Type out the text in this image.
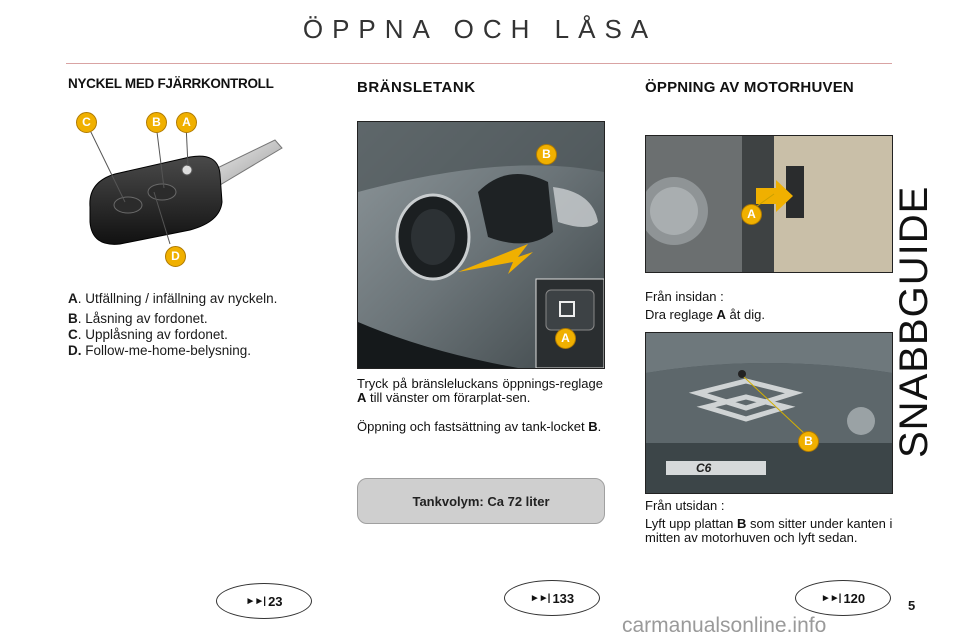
ÖPPNA OCH LÅSA
SNABBGUIDE
NYCKEL MED FJÄRRKONTROLL
C	B	A
D
A. Utfällning / infällning av nyckeln.
B. Låsning av fordonet.
C. Upplåsning av fordonet.
D. Follow-me-home-belysning.
►►| 23
BRÄNSLETANK
B
A
Tryck på bränsleluckans öppnings-reglage A till vänster om förarplat-sen.
Öppning och fastsättning av tank-locket B.
Tankvolym: Ca 72 liter
►►| 133
ÖPPNING AV MOTORHUVEN
A
Från insidan :
Dra reglage A åt dig.
B
C6
Från utsidan :
Lyft upp plattan B som sitter under kanten i mitten av motorhuven och lyft sedan.
►►| 120	5
carmanualsonline.info
